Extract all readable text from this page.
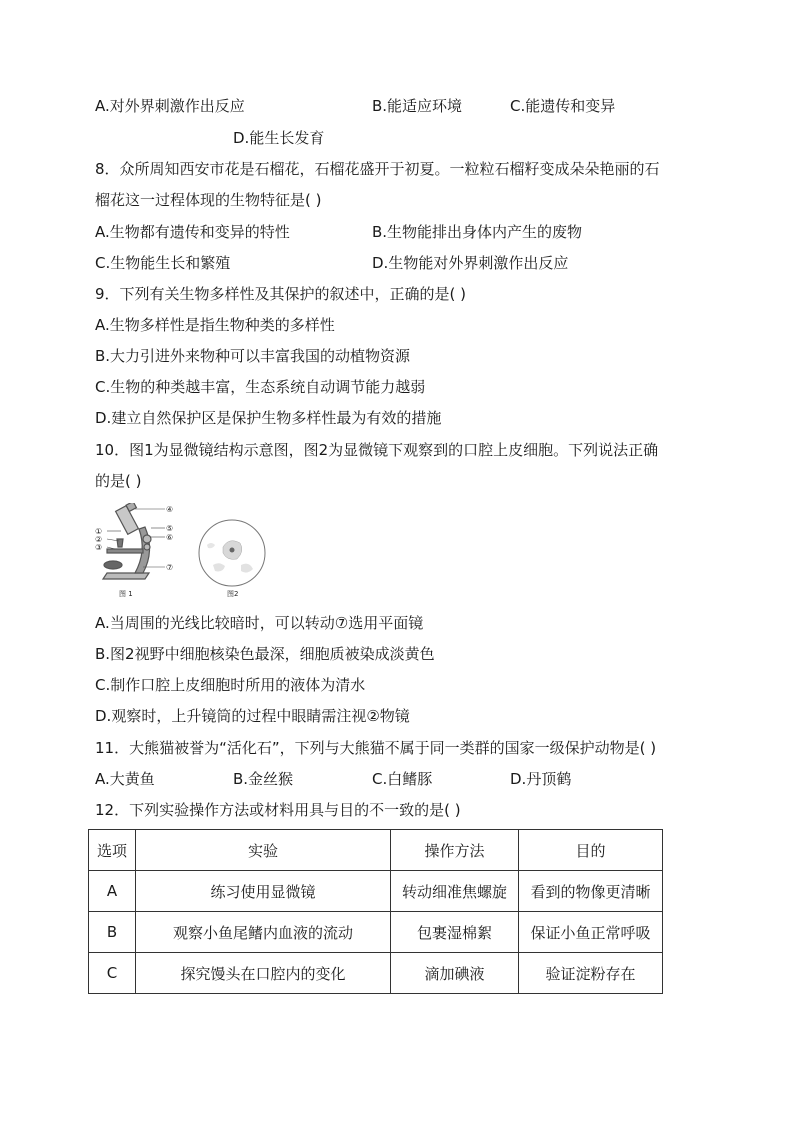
A.对外界刺激作出反应	B.能适应环境	C.能遗传和变异
D.能生长发育
8．众所周知西安市花是石榴花，石榴花盛开于初夏。一粒粒石榴籽变成朵朵艳丽的石
榴花这一过程体现的生物特征是( )
A.生物都有遗传和变异的特性	B.生物能排出身体内产生的废物
C.生物能生长和繁殖	D.生物能对外界刺激作出反应
9．下列有关生物多样性及其保护的叙述中，正确的是( )
A.生物多样性是指生物种类的多样性
B.大力引进外来物种可以丰富我国的动植物资源
C.生物的种类越丰富，生态系统自动调节能力越弱
D.建立自然保护区是保护生物多样性最为有效的措施
10．图1为显微镜结构示意图，图2为显微镜下观察到的口腔上皮细胞。下列说法正确
的是( )
①
②
③
④
⑤
⑥
⑦
图 1	图2
A.当周围的光线比较暗时，可以转动⑦选用平面镜
B.图2视野中细胞核染色最深，细胞质被染成淡黄色
C.制作口腔上皮细胞时所用的液体为清水
D.观察时，上升镜筒的过程中眼睛需注视②物镜
11．大熊猫被誉为“活化石”，下列与大熊猫不属于同一类群的国家一级保护动物是( )
A.大黄鱼	B.金丝猴	C.白鳍豚	D.丹顶鹤
12．下列实验操作方法或材料用具与目的不一致的是( )
选项	实验	操作方法	目的
A	练习使用显微镜	转动细准焦螺旋	看到的物像更清晰
B	观察小鱼尾鳍内血液的流动	包裹湿棉絮	保证小鱼正常呼吸
C	探究馒头在口腔内的变化	滴加碘液	验证淀粉存在
